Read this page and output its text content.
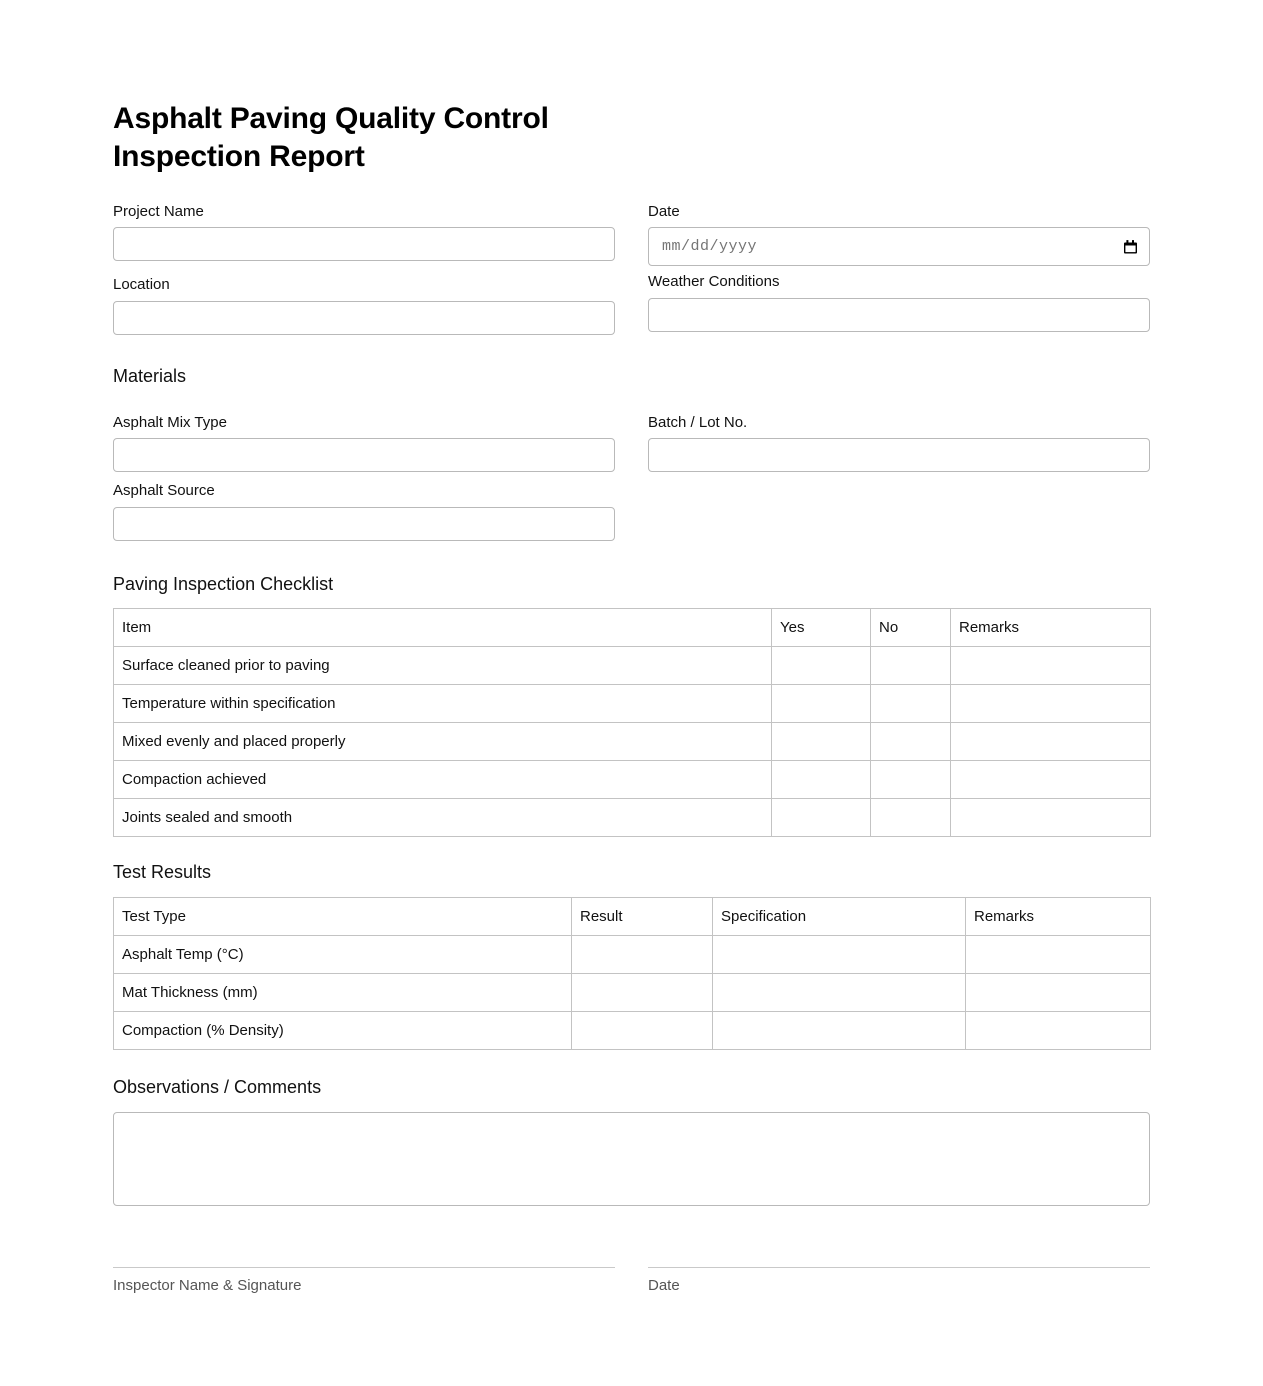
Asphalt Paving Quality Control Inspection Report
Project Name	Date
mm/dd/yyyy
Location	Weather Conditions
Materials
Asphalt Mix Type	Batch / Lot No.
Asphalt Source
Paving Inspection Checklist
Item	Yes	No	Remarks
Surface cleaned prior to paving			
Temperature within specification			
Mixed evenly and placed properly			
Compaction achieved			
Joints sealed and smooth			
Test Results
Test Type	Result	Specification	Remarks
Asphalt Temp (°C)			
Mat Thickness (mm)			
Compaction (% Density)			
Observations / Comments
Inspector Name & Signature	Date
